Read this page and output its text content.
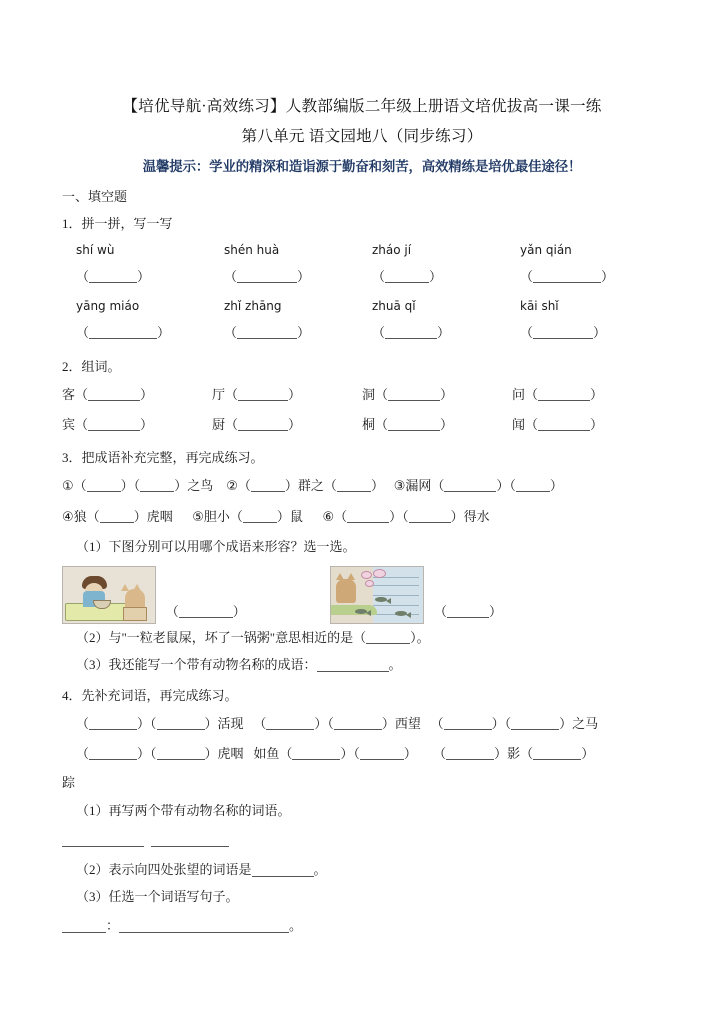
【培优导航·高效练习】人教部编版二年级上册语文培优拔高一课一练
第八单元 语文园地八（同步练习）
温馨提示：学业的精深和造诣源于勤奋和刻苦，高效精练是培优最佳途径！
一、填空题
1．拼一拼，写一写
shí wù	shén huà	zháo jí	yǎn qián
（	）	（	）	（	）	（	）
yāng miáo	zhǐ zhāng	zhuā qǐ	kāi shǐ
（	）	（	）	（	）	（	）
2．组词。
客（	）	厅（	）	洞（	）	问（	）
宾（	）	厨（	）	桐（	）	闻（	）
3．把成语补充完整，再完成练习。
①（	）（	）之鸟 ②（	）群之（	） ③漏网（	）（	）
④狼（	）虎咽 ⑤胆小（	）鼠 ⑥（	）（	）得水
（1）下图分别可以用哪个成语来形容？选一选。
（	）	（	）
（2）与"一粒老鼠屎，坏了一锅粥"意思相近的是（	）。
（3）我还能写一个带有动物名称的成语：	。
4．先补充词语，再完成练习。
（	）（	）活现 （	）（	）西望 （	）（	）之马
（	）（	）虎咽 如鱼（	）（	） （	）影（	）
踪
（1）再写两个带有动物名称的词语。

（2）表示向四处张望的词语是	。
（3）任选一个词语写句子。
：	。
